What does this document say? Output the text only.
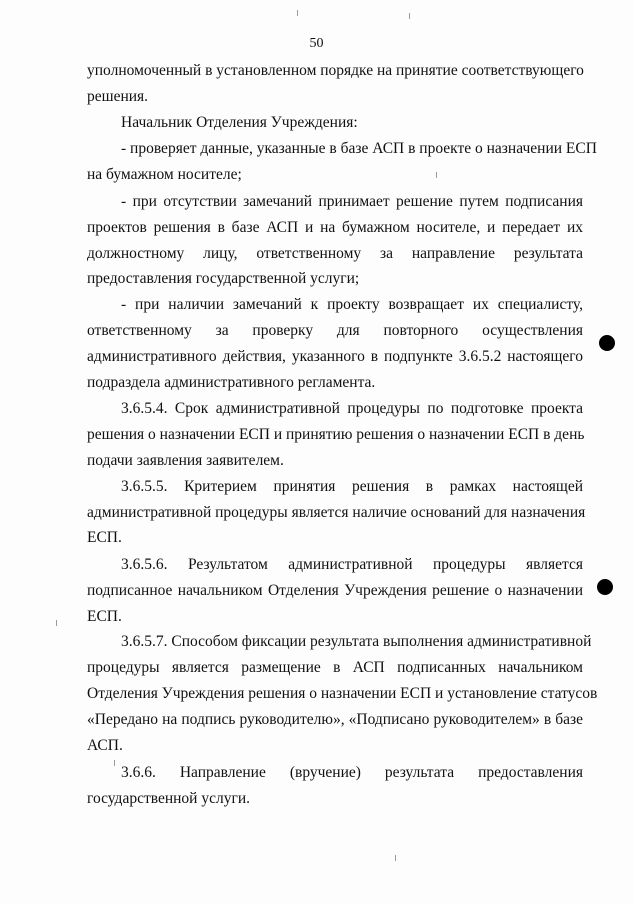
50
уполномоченный в установленном порядке на принятие соответствующего
решения.
Начальник Отделения Учреждения:
- проверяет данные, указанные в базе АСП в проекте о назначении ЕСП
на бумажном носителе;
- при отсутствии замечаний принимает решение путем подписания
проектов решения в базе АСП и на бумажном носителе, и передает их
должностному лицу, ответственному за направление результата
предоставления государственной услуги;
- при наличии замечаний к проекту возвращает их специалисту,
ответственному за проверку для повторного осуществления
административного действия, указанного в подпункте 3.6.5.2 настоящего
подраздела административного регламента.
3.6.5.4. Срок административной процедуры по подготовке проекта
решения о назначении ЕСП и принятию решения о назначении ЕСП в день
подачи заявления заявителем.
3.6.5.5. Критерием принятия решения в рамках настоящей
административной процедуры является наличие оснований для назначения
ЕСП.
3.6.5.6. Результатом административной процедуры является
подписанное начальником Отделения Учреждения решение о назначении
ЕСП.
3.6.5.7. Способом фиксации результата выполнения административной
процедуры является размещение в АСП подписанных начальником
Отделения Учреждения решения о назначении ЕСП и установление статусов
«Передано на подпись руководителю», «Подписано руководителем» в базе
АСП.
3.6.6. Направление (вручение) результата предоставления
государственной услуги.
